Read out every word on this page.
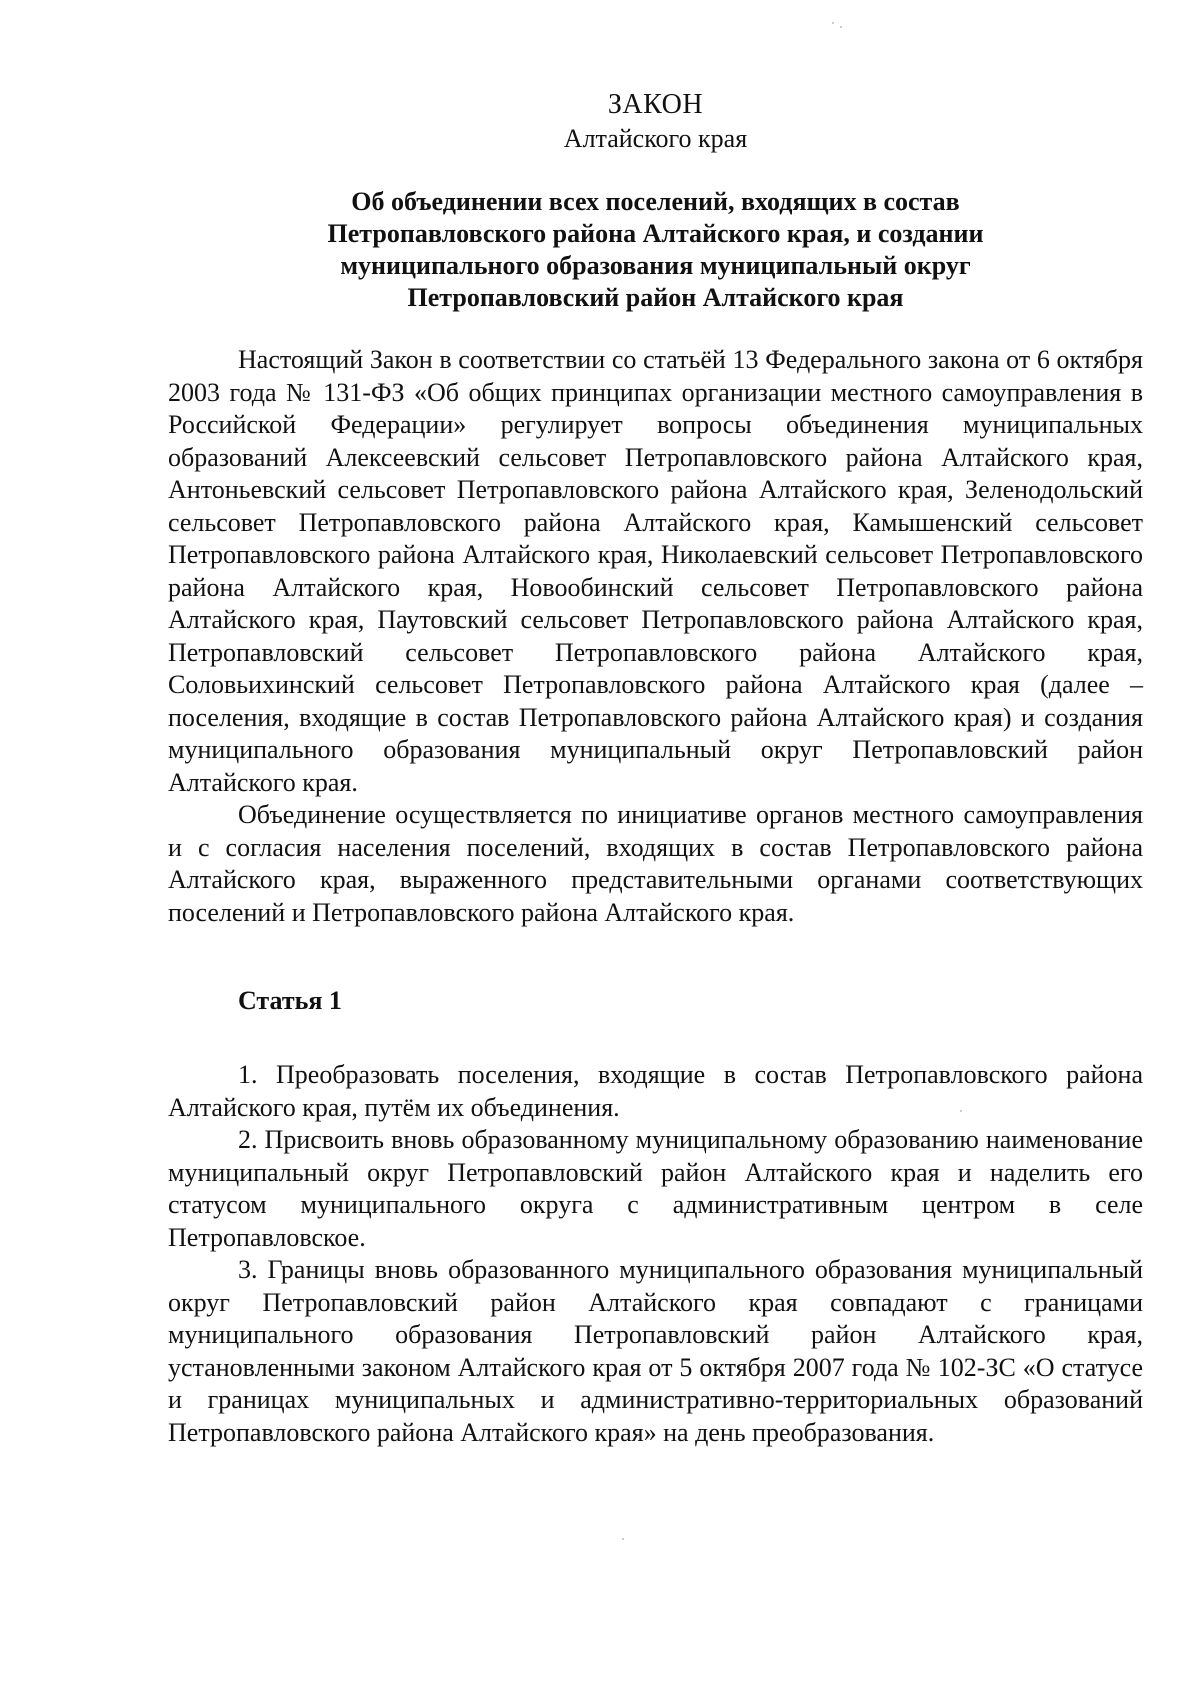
ЗАКОН
Алтайского края
Об объединении всех поселений, входящих в состав
Петропавловского района Алтайского края, и создании
муниципального образования муниципальный округ
Петропавловский район Алтайского края

Настоящий Закон в соответствии со статьёй 13 Федерального закона от 6 октября 2003 года № 131-ФЗ «Об общих принципах организации местного самоуправления в Российской Федерации» регулирует вопросы объединения муниципальных образований Алексеевский сельсовет Петропавловского района Алтайского края, Антоньевский сельсовет Петропавловского района Алтайского края, Зеленодольский сельсовет Петропавловского района Алтайского края, Камышенский сельсовет Петропавловского района Алтайского края, Николаевский сельсовет Петропавловского района Алтайского края, Новообинский сельсовет Петропавловского района Алтайского края, Паутовский сельсовет Петропавловского района Алтайского края, Петропавловский сельсовет Петропавловского района Алтайского края, Соловьихинский сельсовет Петропавловского района Алтайского края (далее – поселения, входящие в состав Петропавловского района Алтайского края) и создания муниципального образования муниципальный округ Петропавловский район Алтайского края.

Объединение осуществляется по инициативе органов местного самоуправления и с согласия населения поселений, входящих в состав Петропавловского района Алтайского края, выраженного представительными органами соответствующих поселений и Петропавловского района Алтайского края.

Статья 1

1. Преобразовать поселения, входящие в состав Петропавловского района Алтайского края, путём их объединения.

2. Присвоить вновь образованному муниципальному образованию наименование муниципальный округ Петропавловский район Алтайского края и наделить его статусом муниципального округа с административным центром в селе Петропавловское.

3. Границы вновь образованного муниципального образования муниципальный округ Петропавловский район Алтайского края совпадают с границами муниципального образования Петропавловский район Алтайского края, установленными законом Алтайского края от 5 октября 2007 года № 102-ЗС «О статусе и границах муниципальных и административно-территориальных образований Петропавловского района Алтайского края» на день преобразования.
